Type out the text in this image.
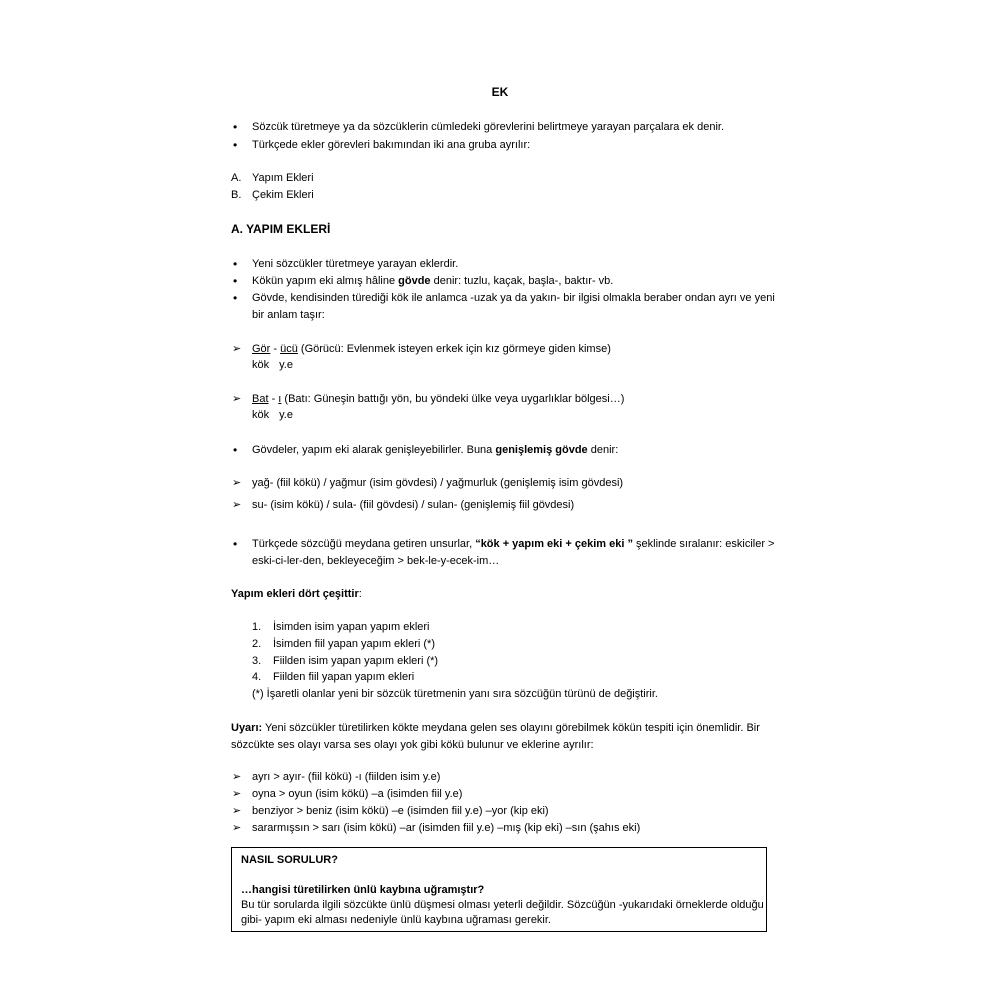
EK
• Sözcük türetmeye ya da sözcüklerin cümledeki görevlerini belirtmeye yarayan parçalara ek denir.
• Türkçede ekler görevleri bakımından iki ana gruba ayrılır:
A. Yapım Ekleri
B. Çekim Ekleri
A. YAPIM EKLERİ
• Yeni sözcükler türetmeye yarayan eklerdir.
• Kökün yapım eki almış hâline gövde denir: tuzlu, kaçak, başla-, baktır- vb.
• Gövde, kendisinden türediği kök ile anlamca -uzak ya da yakın- bir ilgisi olmakla beraber ondan ayrı ve yeni
bir anlam taşır:
➢ Gör - ücü (Görücü: Evlenmek isteyen erkek için kız görmeye giden kimse)
kök y.e
➢ Bat - ı (Batı: Güneşin battığı yön, bu yöndeki ülke veya uygarlıklar bölgesi…)
kök y.e
• Gövdeler, yapım eki alarak genişleyebilirler. Buna genişlemiş gövde denir:
➢ yağ- (fiil kökü) / yağmur (isim gövdesi) / yağmurluk (genişlemiş isim gövdesi)
➢ su- (isim kökü) / sula- (fiil gövdesi) / sulan- (genişlemiş fiil gövdesi)
• Türkçede sözcüğü meydana getiren unsurlar, “kök + yapım eki + çekim eki ” şeklinde sıralanır: eskiciler >
eski-ci-ler-den, bekleyeceğim > bek-le-y-ecek-im…
Yapım ekleri dört çeşittir:
1. İsimden isim yapan yapım ekleri
2. İsimden fiil yapan yapım ekleri (*)
3. Fiilden isim yapan yapım ekleri (*)
4. Fiilden fiil yapan yapım ekleri
(*) İşaretli olanlar yeni bir sözcük türetmenin yanı sıra sözcüğün türünü de değiştirir.
Uyarı: Yeni sözcükler türetilirken kökte meydana gelen ses olayını görebilmek kökün tespiti için önemlidir. Bir
sözcükte ses olayı varsa ses olayı yok gibi kökü bulunur ve eklerine ayrılır:
➢ ayrı > ayır- (fiil kökü) -ı (fiilden isim y.e)
➢ oyna > oyun (isim kökü) –a (isimden fiil y.e)
➢ benziyor > beniz (isim kökü) –e (isimden fiil y.e) –yor (kip eki)
➢ sararmışsın > sarı (isim kökü) –ar (isimden fiil y.e) –mış (kip eki) –sın (şahıs eki)
NASIL SORULUR?
…hangisi türetilirken ünlü kaybına uğramıştır?
Bu tür sorularda ilgili sözcükte ünlü düşmesi olması yeterli değildir. Sözcüğün -yukarıdaki örneklerde olduğu
gibi- yapım eki alması nedeniyle ünlü kaybına uğraması gerekir.
